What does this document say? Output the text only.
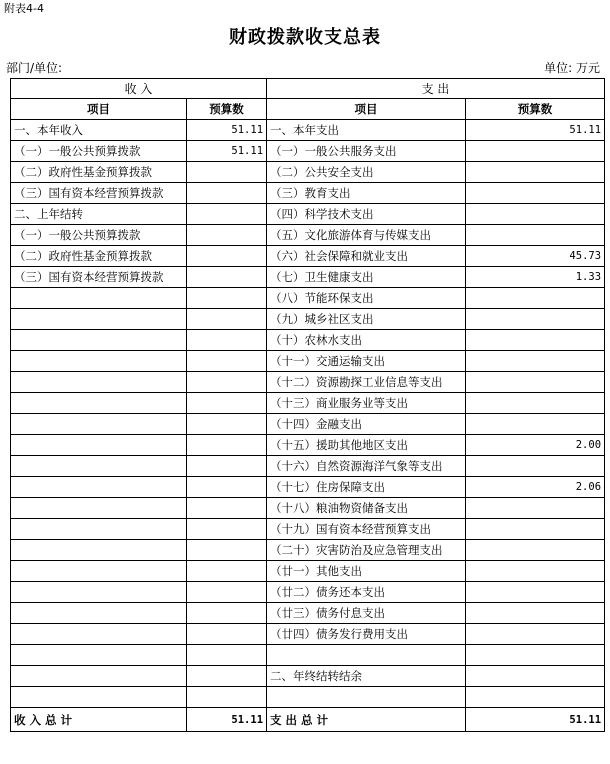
附表4-4
财政拨款收支总表
部门/单位:	单位: 万元
收 入		支 出	
项目	预算数	项目	预算数
一、本年收入	51.11	一、本年支出	51.11
（一）一般公共预算拨款	51.11	（一）一般公共服务支出	
（二）政府性基金预算拨款		（二）公共安全支出	
（三）国有资本经营预算拨款		（三）教育支出	
二、上年结转		（四）科学技术支出	
（一）一般公共预算拨款		（五）文化旅游体育与传媒支出	
（二）政府性基金预算拨款		（六）社会保障和就业支出	45.73
（三）国有资本经营预算拨款		（七）卫生健康支出	1.33
		（八）节能环保支出	
		（九）城乡社区支出	
		（十）农林水支出	
		（十一）交通运输支出	
		（十二）资源勘探工业信息等支出	
		（十三）商业服务业等支出	
		（十四）金融支出	
		（十五）援助其他地区支出	2.00
		（十六）自然资源海洋气象等支出	
		（十七）住房保障支出	2.06
		（十八）粮油物资储备支出	
		（十九）国有资本经营预算支出	
		（二十）灾害防治及应急管理支出	
		（廿一）其他支出	
		（廿二）债务还本支出	
		（廿三）债务付息支出	
		（廿四）债务发行费用支出	

		二、年终结转结余	

收 入 总 计	51.11	支 出 总 计	51.11
